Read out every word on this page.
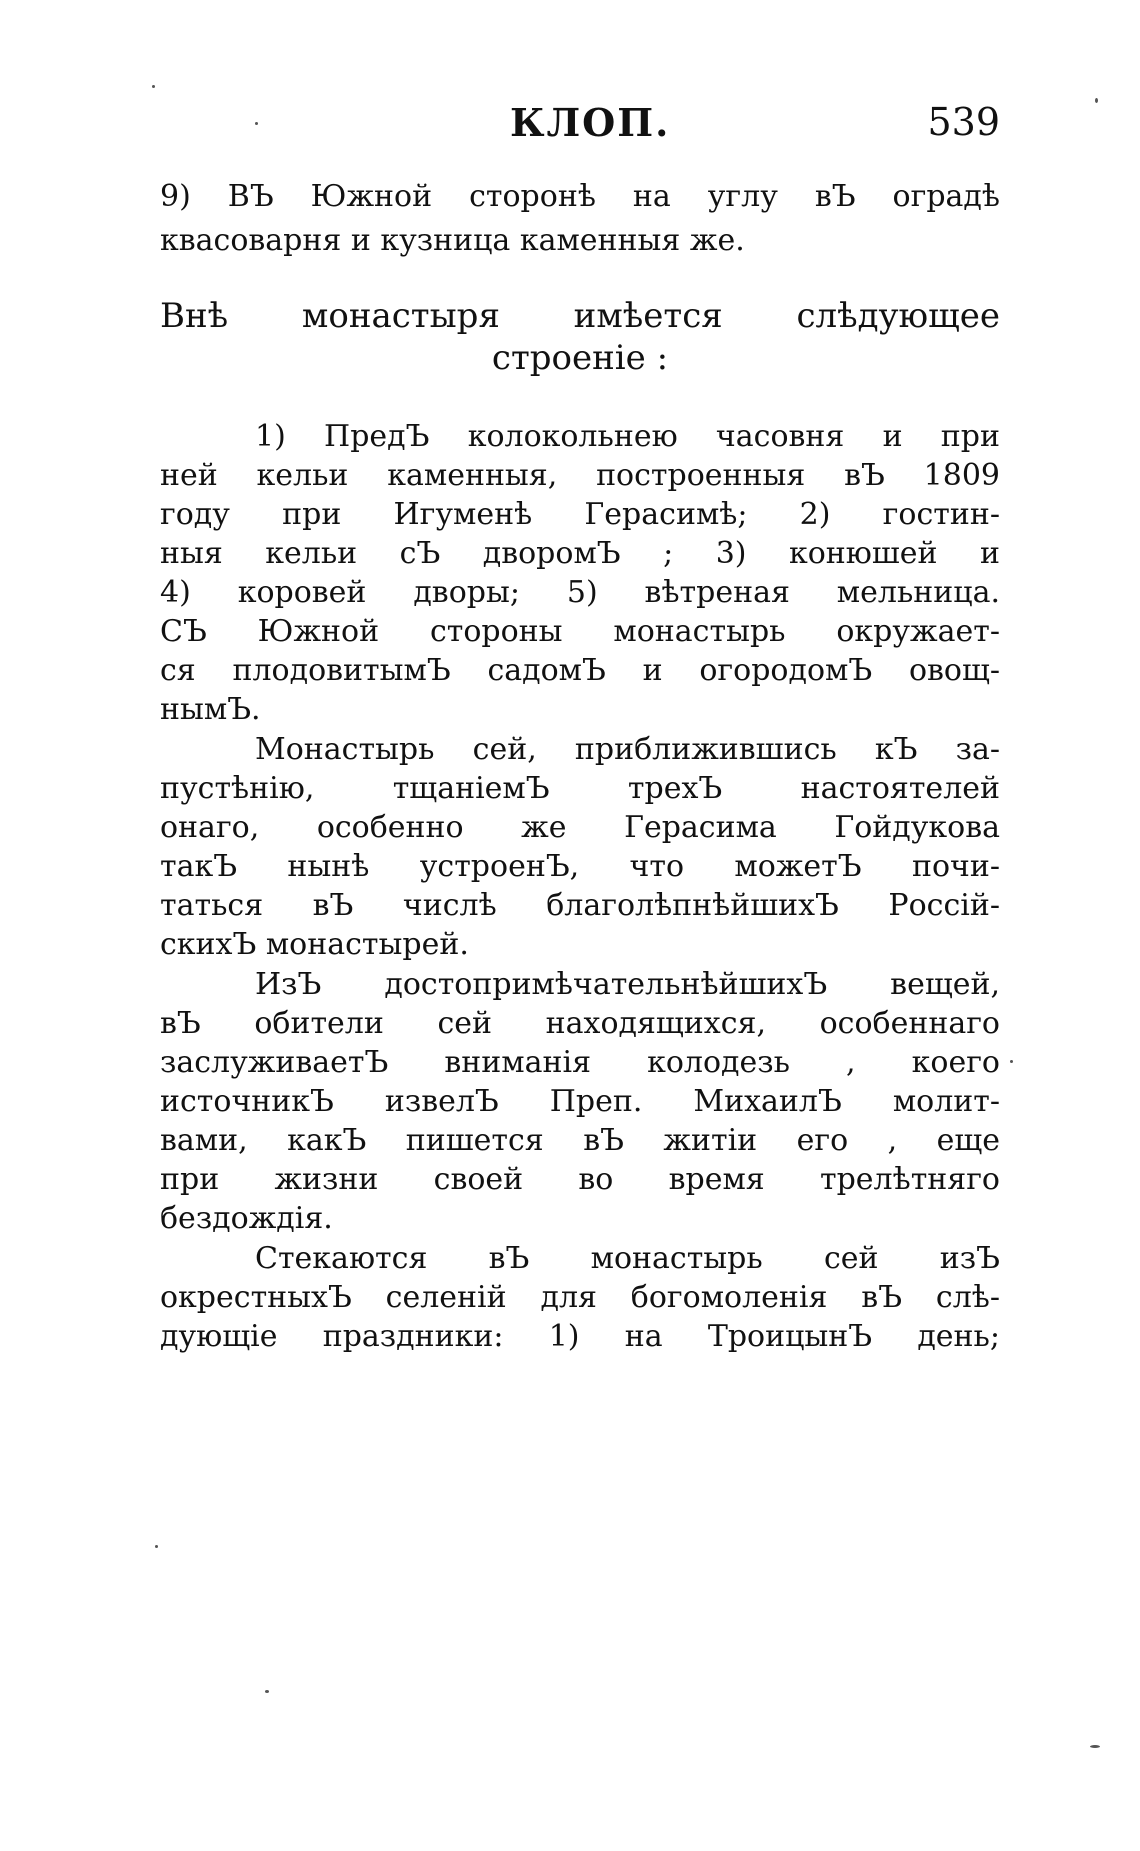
КЛОП.	539
9) ВЪ Южной сторонѣ на углу вЪ оградѣ
квасоварня и кузница каменныя же.
Внѣ монастыря имѣется слѣдующее
строеніе :
1) ПредЪ колокольнею часовня и при
ней кельи каменныя, построенныя вЪ 1809
году при Игуменѣ Герасимѣ; 2) гостин-
ныя кельи сЪ дворомЪ ; 3) конюшей и
4) коровей дворы; 5) вѣтреная мельница.
СЪ Южной стороны монастырь окружает-
ся плодовитымЪ садомЪ и огородомЪ овощ-
нымЪ.
Монастырь сей, приближившись кЪ за-
пустѣнію, тщаніемЪ трехЪ настоятелей
онаго, особенно же Герасима Гойдукова
такЪ нынѣ устроенЪ, что можетЪ почи-
таться вЪ числѣ благолѣпнѣйшихЪ Россій-
скихЪ монастырей.
ИзЪ достопримѣчательнѣйшихЪ вещей,
вЪ обители сей находящихся, особеннаго
заслуживаетЪ вниманія колодезь , коего
источникЪ извелЪ Преп. МихаилЪ молит-
вами, какЪ пишется вЪ житіи его , еще
при жизни своей во время трелѣтняго
бездождія.
Стекаются вЪ монастырь сей изЪ
окрестныхЪ селеній для богомоленія вЪ слѣ-
дующіе праздники: 1) на ТроицынЪ день;
